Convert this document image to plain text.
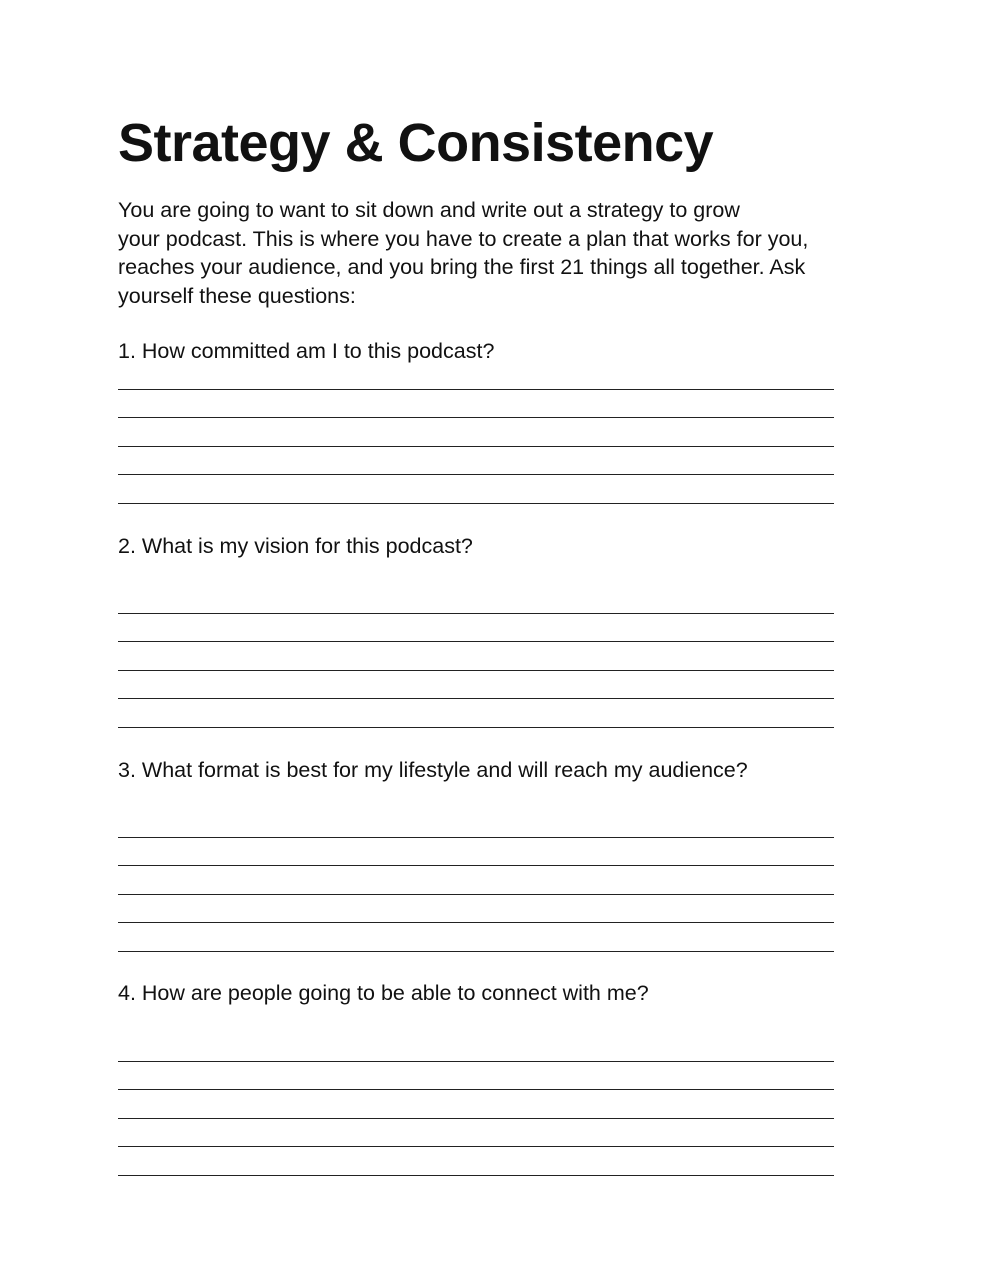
Strategy & Consistency

You are going to want to sit down and write out a strategy to grow
your podcast. This is where you have to create a plan that works for you,
reaches your audience, and you bring the first 21 things all together. Ask
yourself these questions:

1. How committed am I to this podcast?

2. What is my vision for this podcast?

3. What format is best for my lifestyle and will reach my audience?

4. How are people going to be able to connect with me?
